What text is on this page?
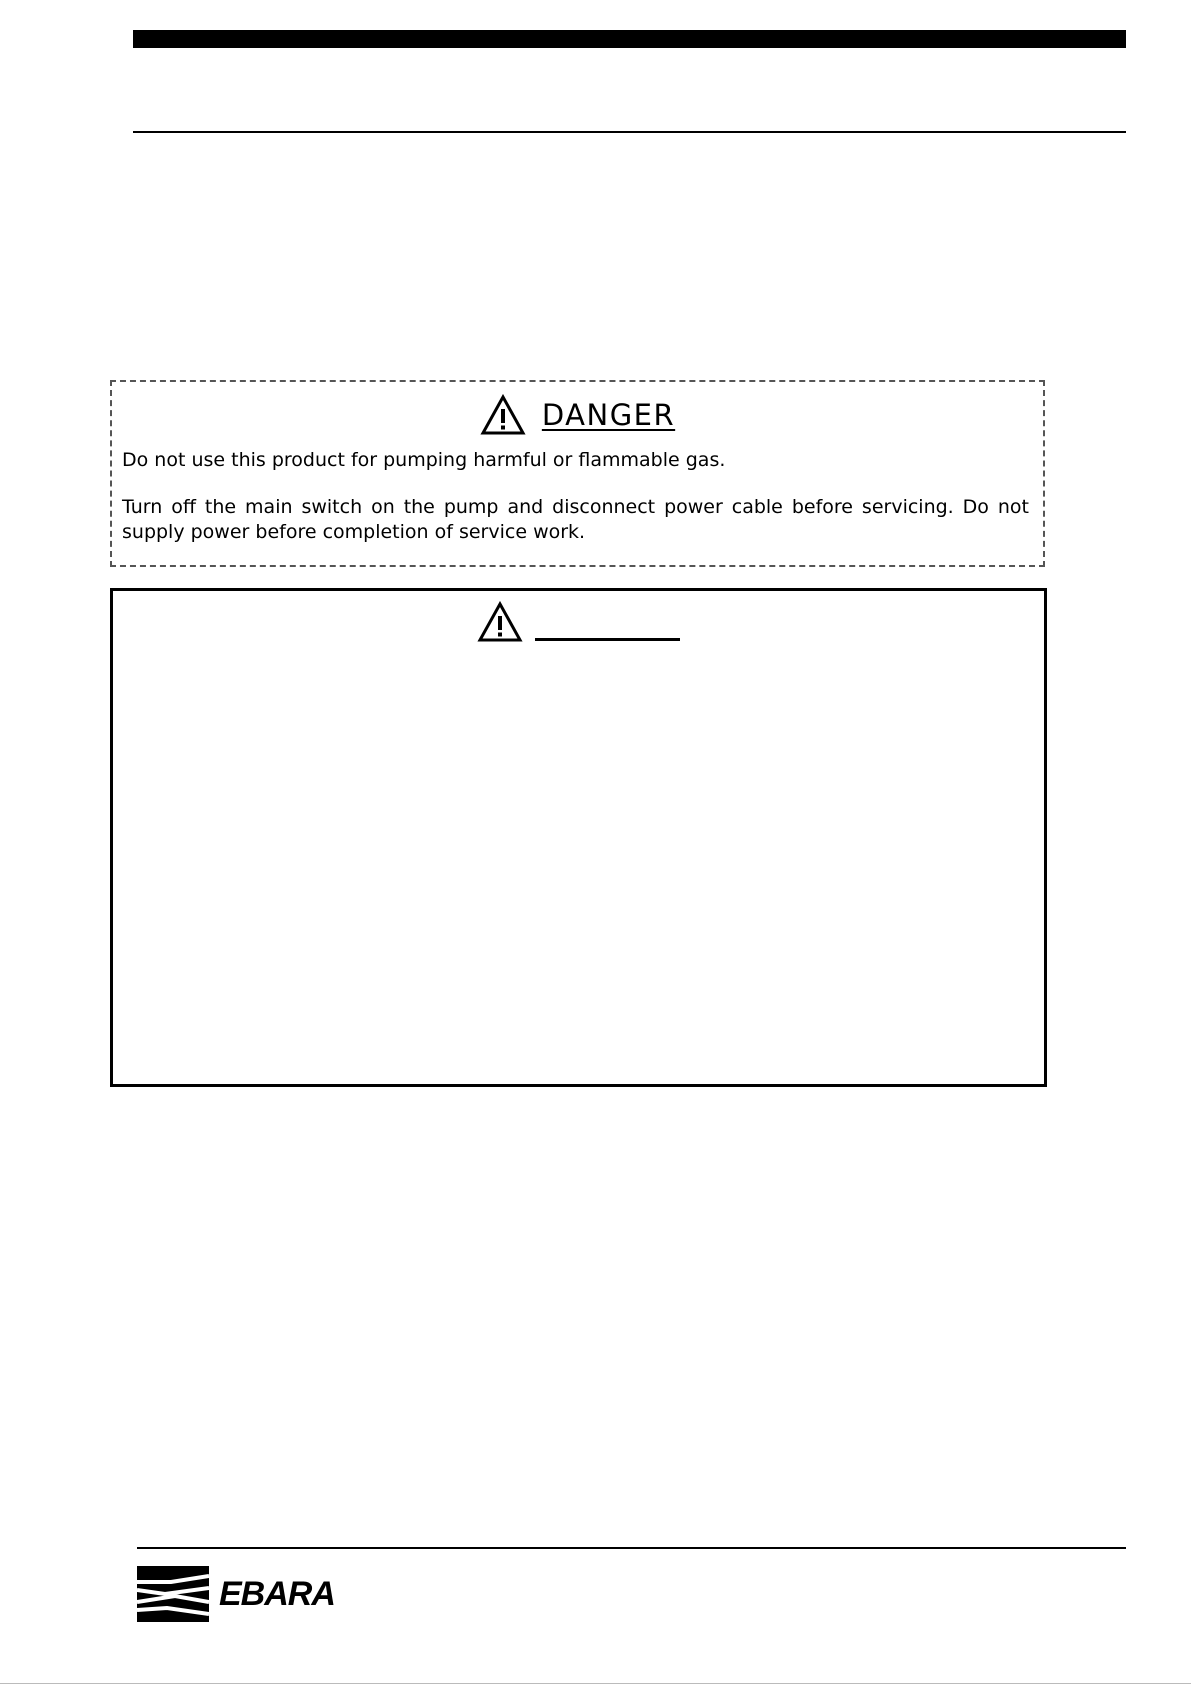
DANGER

Do not use this product for pumping harmful or flammable gas.

Turn off the main switch on the pump and disconnect power cable before servicing. Do not supply power before completion of service work.

EBARA
